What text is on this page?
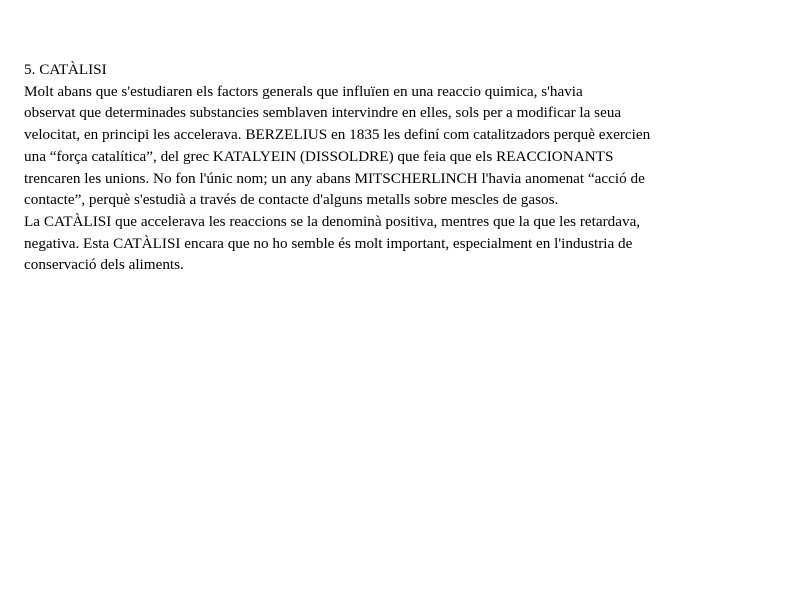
5. CATÀLISI
Molt abans que s'estudiaren els factors generals que influïen en una reaccio quimica, s'havia
observat que determinades substancies semblaven intervindre en elles, sols per a modificar la seua
velocitat, en principi les accelerava. BERZELIUS en 1835 les definí com catalitzadors perquè exercien
una “força catalítica”, del grec KATALYEIN (DISSOLDRE) que feia que els REACCIONANTS
trencaren les unions. No fon l'únic nom; un any abans MITSCHERLINCH l'havia anomenat “acció de
contacte”, perquè s'estudià a través de contacte d'alguns metalls sobre mescles de gasos.
La CATÀLISI que accelerava les reaccions se la denominà positiva, mentres que la que les retardava,
negativa. Esta CATÀLISI encara que no ho semble és molt important, especialment en l'industria de
conservació dels aliments.
